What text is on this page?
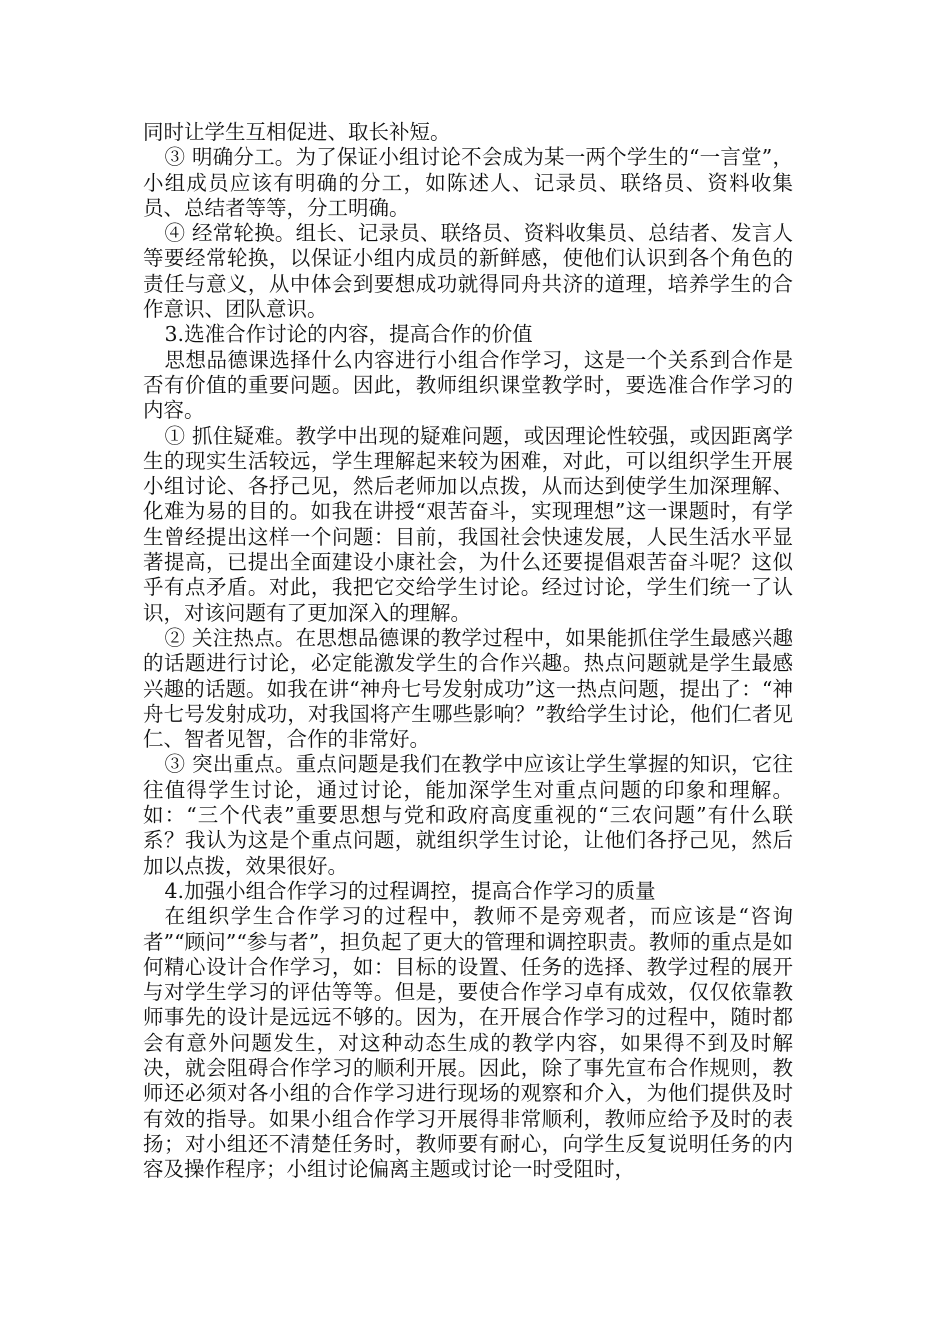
同时让学生互相促进、取长补短。

③ 明确分工。为了保证小组讨论不会成为某一两个学生的“一言堂”，小组成员应该有明确的分工，如陈述人、记录员、联络员、资料收集员、总结者等等，分工明确。

④ 经常轮换。组长、记录员、联络员、资料收集员、总结者、发言人等要经常轮换，以保证小组内成员的新鲜感，使他们认识到各个角色的责任与意义，从中体会到要想成功就得同舟共济的道理，培养学生的合作意识、团队意识。

3.选准合作讨论的内容，提高合作的价值

思想品德课选择什么内容进行小组合作学习，这是一个关系到合作是否有价值的重要问题。因此，教师组织课堂教学时，要选准合作学习的内容。

① 抓住疑难。教学中出现的疑难问题，或因理论性较强，或因距离学生的现实生活较远，学生理解起来较为困难，对此，可以组织学生开展小组讨论、各抒己见，然后老师加以点拨，从而达到使学生加深理解、化难为易的目的。如我在讲授“艰苦奋斗，实现理想”这一课题时，有学生曾经提出这样一个问题：目前，我国社会快速发展，人民生活水平显著提高，已提出全面建设小康社会，为什么还要提倡艰苦奋斗呢？这似乎有点矛盾。对此，我把它交给学生讨论。经过讨论，学生们统一了认识，对该问题有了更加深入的理解。

② 关注热点。在思想品德课的教学过程中，如果能抓住学生最感兴趣的话题进行讨论，必定能激发学生的合作兴趣。热点问题就是学生最感兴趣的话题。如我在讲“神舟七号发射成功”这一热点问题，提出了：“神舟七号发射成功，对我国将产生哪些影响？”教给学生讨论，他们仁者见仁、智者见智，合作的非常好。

③ 突出重点。重点问题是我们在教学中应该让学生掌握的知识，它往往值得学生讨论，通过讨论，能加深学生对重点问题的印象和理解。如：“三个代表”重要思想与党和政府高度重视的“三农问题”有什么联系？我认为这是个重点问题，就组织学生讨论，让他们各抒己见，然后加以点拨，效果很好。

4.加强小组合作学习的过程调控，提高合作学习的质量

在组织学生合作学习的过程中，教师不是旁观者，而应该是“咨询者”“顾问”“参与者”，担负起了更大的管理和调控职责。教师的重点是如何精心设计合作学习，如：目标的设置、任务的选择、教学过程的展开与对学生学习的评估等等。但是，要使合作学习卓有成效，仅仅依靠教师事先的设计是远远不够的。因为，在开展合作学习的过程中，随时都会有意外问题发生，对这种动态生成的教学内容，如果得不到及时解决，就会阻碍合作学习的顺利开展。因此，除了事先宣布合作规则，教师还必须对各小组的合作学习进行现场的观察和介入，为他们提供及时有效的指导。如果小组合作学习开展得非常顺利，教师应给予及时的表扬；对小组还不清楚任务时，教师要有耐心，向学生反复说明任务的内容及操作程序；小组讨论偏离主题或讨论一时受阻时，
